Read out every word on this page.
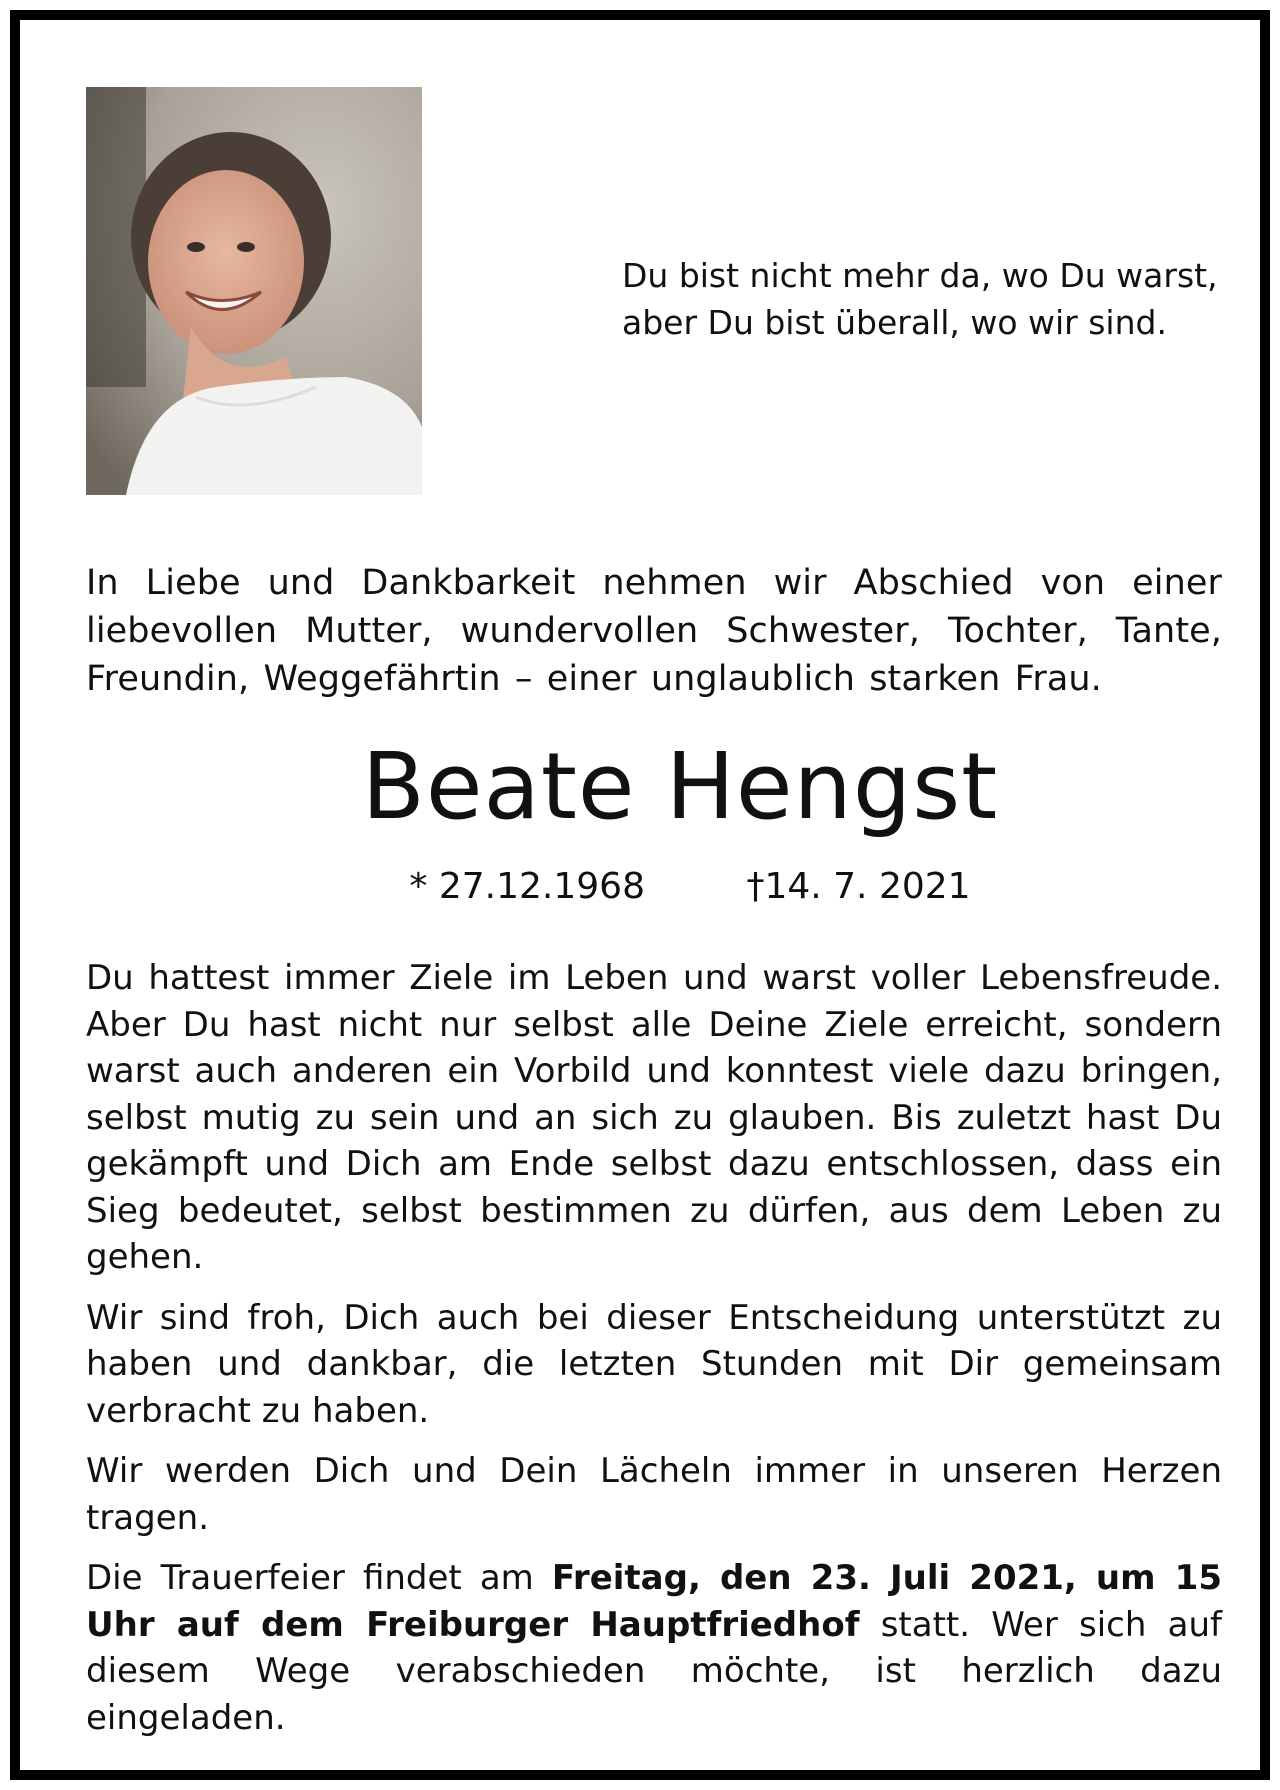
Du bist nicht mehr da, wo Du warst,
aber Du bist überall, wo wir sind.
In Liebe und Dankbarkeit nehmen wir Abschied von einer liebevollen Mutter, wundervollen Schwester, Tochter, Tante, Freundin, Weggefährtin – einer unglaublich starken Frau.
Beate Hengst
* 27.12.1968	†14. 7. 2021

Du hattest immer Ziele im Leben und warst voller Lebensfreude. Aber Du hast nicht nur selbst alle Deine Ziele erreicht, sondern warst auch anderen ein Vorbild und konntest viele dazu bringen, selbst mutig zu sein und an sich zu glauben. Bis zuletzt hast Du gekämpft und Dich am Ende selbst dazu entschlossen, dass ein Sieg bedeutet, selbst bestimmen zu dürfen, aus dem Leben zu gehen.

Wir sind froh, Dich auch bei dieser Entscheidung unterstützt zu haben und dankbar, die letzten Stunden mit Dir gemeinsam verbracht zu haben.

Wir werden Dich und Dein Lächeln immer in unseren Herzen tragen.

Die Trauerfeier findet am Freitag, den 23. Juli 2021, um 15 Uhr auf dem Freiburger Hauptfriedhof statt. Wer sich auf diesem Wege verabschieden möchte, ist herzlich dazu eingeladen.
